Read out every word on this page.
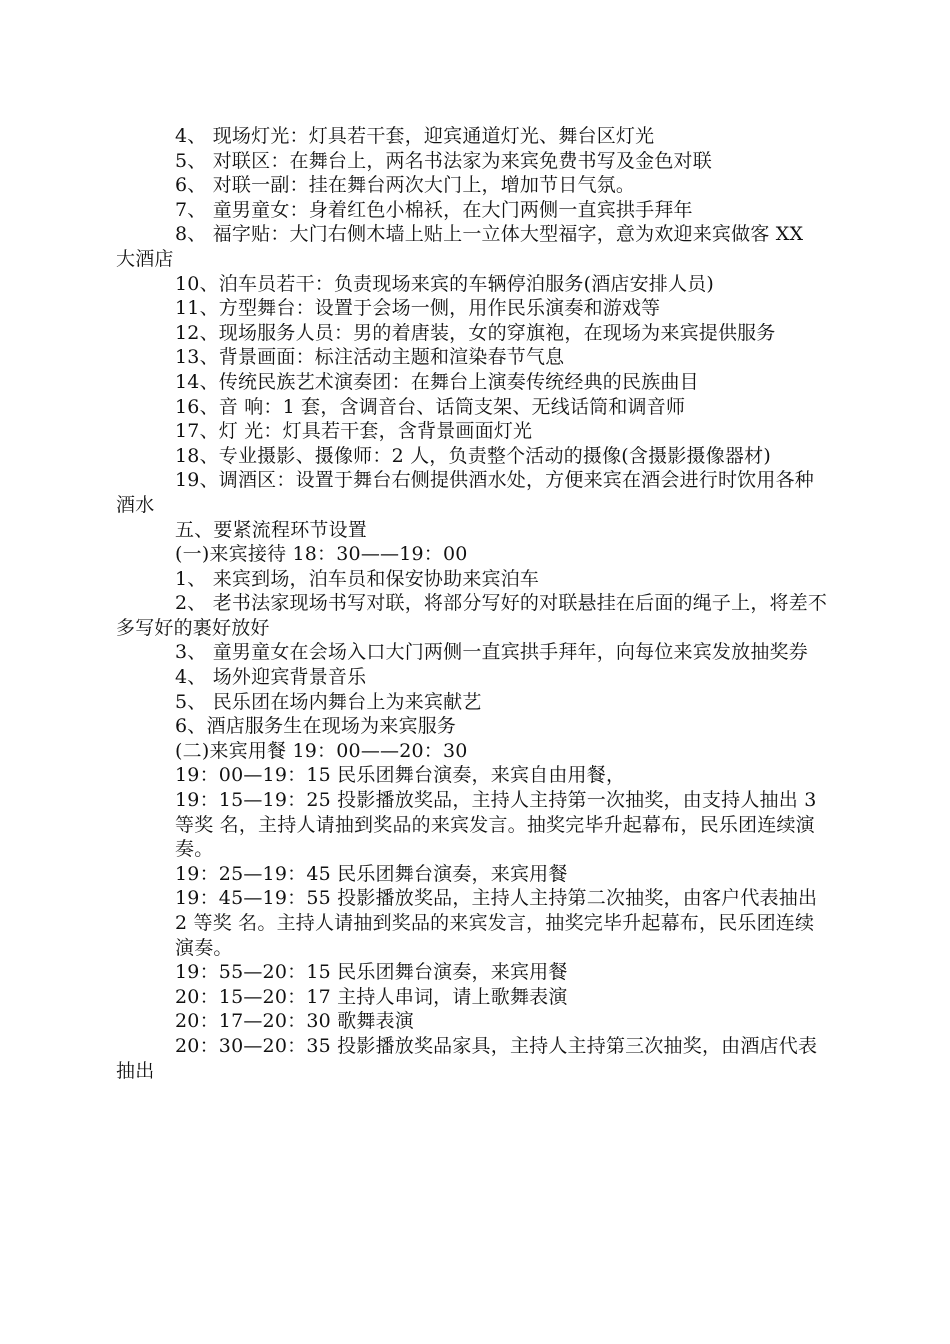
4、 现场灯光：灯具若干套，迎宾通道灯光、舞台区灯光

5、 对联区：在舞台上，两名书法家为来宾免费书写及金色对联

6、 对联一副：挂在舞台两次大门上，增加节日气氛。

7、 童男童女：身着红色小棉袄，在大门两侧一直宾拱手拜年

8、 福字贴：大门右侧木墙上贴上一立体大型福字，意为欢迎来宾做客 XX 大酒店

10、泊车员若干：负责现场来宾的车辆停泊服务(酒店安排人员)

11、方型舞台：设置于会场一侧，用作民乐演奏和游戏等

12、现场服务人员：男的着唐装，女的穿旗袍，在现场为来宾提供服务

13、背景画面：标注活动主题和渲染春节气息

14、传统民族艺术演奏团：在舞台上演奏传统经典的民族曲目

16、音 响：1 套，含调音台、话筒支架、无线话筒和调音师

17、灯 光：灯具若干套，含背景画面灯光

18、专业摄影、摄像师：2 人，负责整个活动的摄像(含摄影摄像器材)

19、调酒区：设置于舞台右侧提供酒水处，方便来宾在酒会进行时饮用各种酒水

五、要紧流程环节设置

(一)来宾接待 18：30——19：00

1、 来宾到场，泊车员和保安协助来宾泊车

2、 老书法家现场书写对联，将部分写好的对联悬挂在后面的绳子上，将差不多写好的裹好放好

3、 童男童女在会场入口大门两侧一直宾拱手拜年，向每位来宾发放抽奖券

4、 场外迎宾背景音乐

5、 民乐团在场内舞台上为来宾献艺

6、酒店服务生在现场为来宾服务

(二)来宾用餐 19：00——20：30

19：00—19：15 民乐团舞台演奏，来宾自由用餐，

19：15—19：25 投影播放奖品，主持人主持第一次抽奖，由支持人抽出 3

等奖 名，主持人请抽到奖品的来宾发言。抽奖完毕升起幕布，民乐团连续演奏。

19：25—19：45 民乐团舞台演奏，来宾用餐

19：45—19：55 投影播放奖品，主持人主持第二次抽奖，由客户代表抽出

2 等奖 名。主持人请抽到奖品的来宾发言，抽奖完毕升起幕布，民乐团连续演奏。

19：55—20：15 民乐团舞台演奏，来宾用餐

20：15—20：17 主持人串词，请上歌舞表演

20：17—20：30 歌舞表演

20：30—20：35 投影播放奖品家具，主持人主持第三次抽奖，由酒店代表抽出
